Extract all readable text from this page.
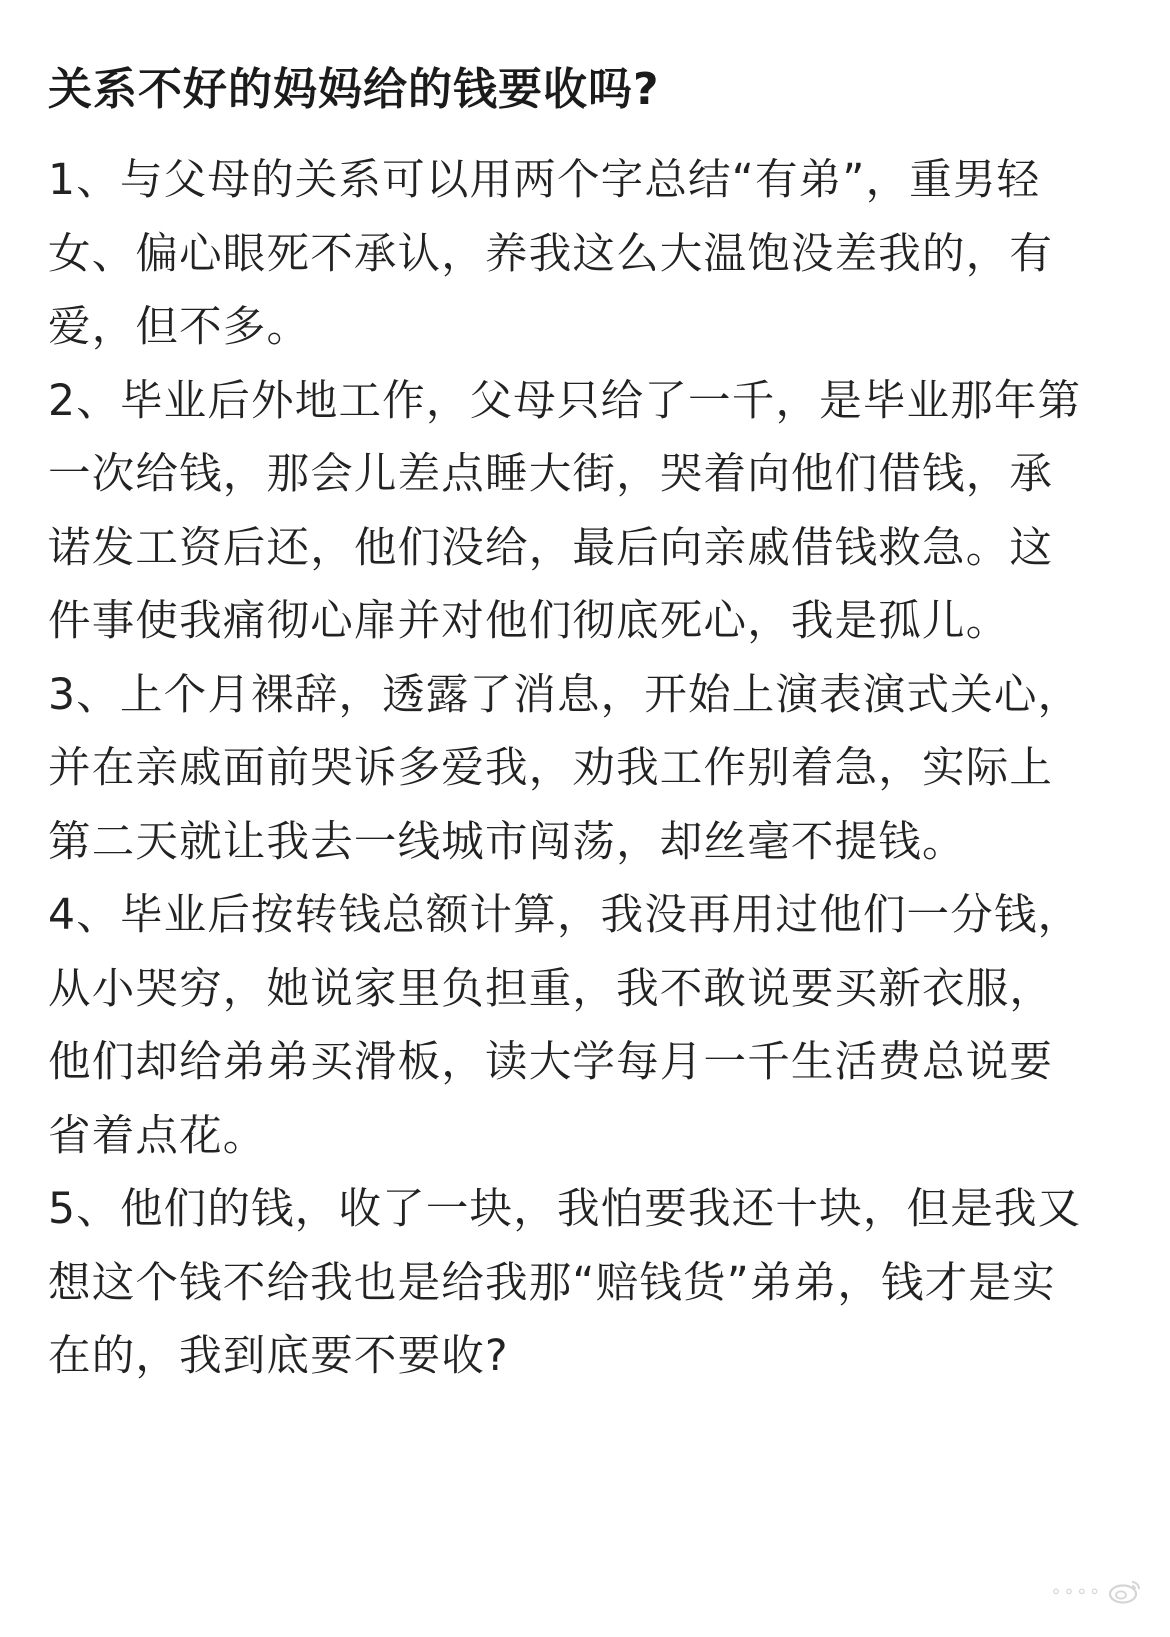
关系不好的妈妈给的钱要收吗?

1、与父母的关系可以用两个字总结“有弟”，重男轻女、偏心眼死不承认，养我这么大温饱没差我的，有爱，但不多。

2、毕业后外地工作，父母只给了一千，是毕业那年第一次给钱，那会儿差点睡大街，哭着向他们借钱，承诺发工资后还，他们没给，最后向亲戚借钱救急。这件事使我痛彻心扉并对他们彻底死心，我是孤儿。

3、上个月裸辞，透露了消息，开始上演表演式关心，并在亲戚面前哭诉多爱我，劝我工作别着急，实际上第二天就让我去一线城市闯荡，却丝毫不提钱。

4、毕业后按转钱总额计算，我没再用过他们一分钱，从小哭穷，她说家里负担重，我不敢说要买新衣服，他们却给弟弟买滑板，读大学每月一千生活费总说要省着点花。

5、他们的钱，收了一块，我怕要我还十块，但是我又想这个钱不给我也是给我那“赔钱货”弟弟，钱才是实在的，我到底要不要收?

∘∘∘∘
